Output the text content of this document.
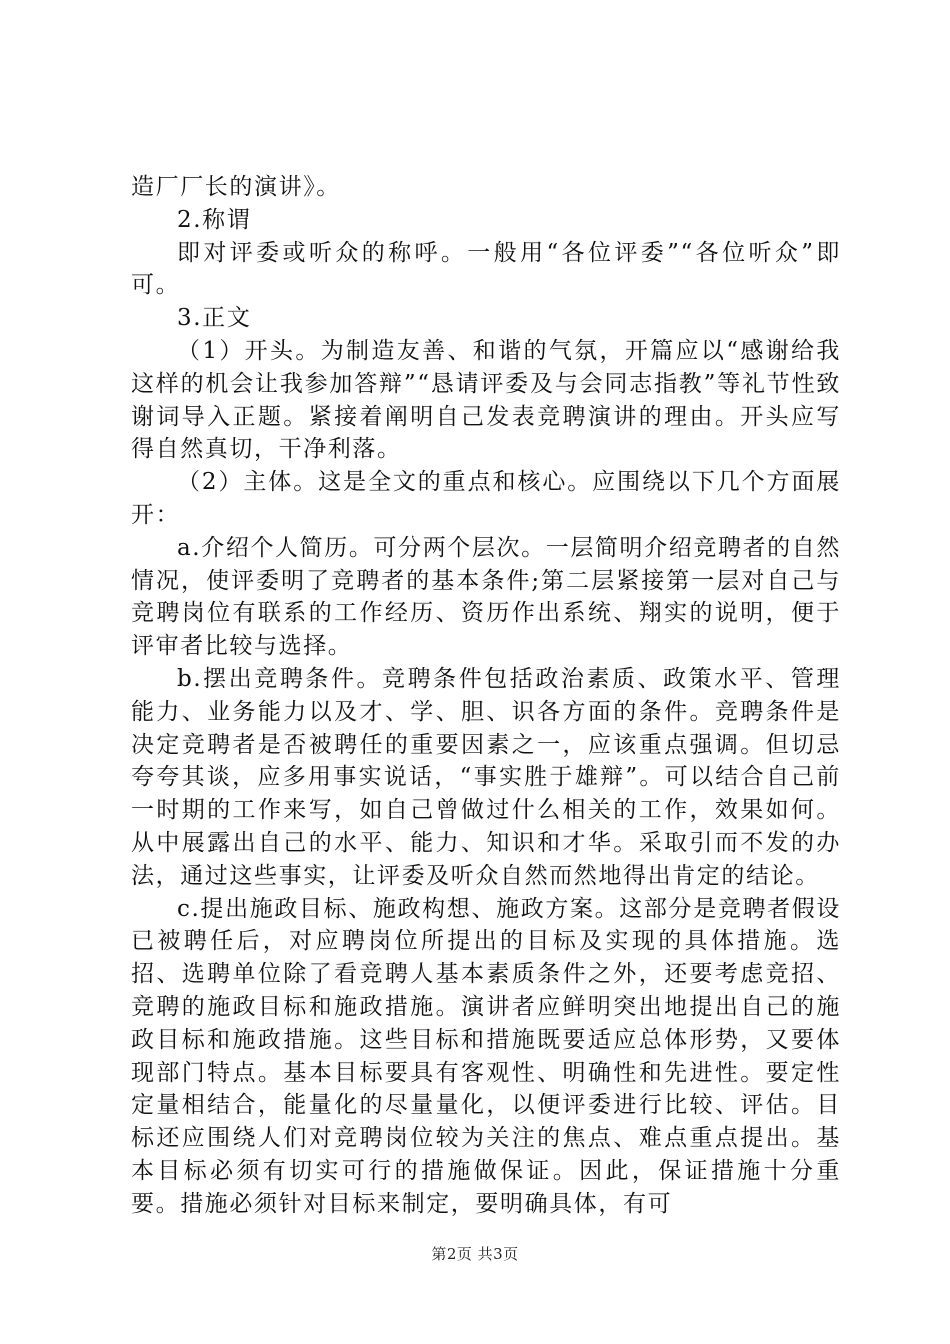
造厂厂长的演讲》。

2.称谓

即对评委或听众的称呼。一般用“各位评委”“各位听众”即可。

3.正文

（1）开头。为制造友善、和谐的气氛，开篇应以“感谢给我这样的机会让我参加答辩”“恳请评委及与会同志指教”等礼节性致谢词导入正题。紧接着阐明自己发表竞聘演讲的理由。开头应写得自然真切，干净利落。

（2）主体。这是全文的重点和核心。应围绕以下几个方面展开：

a.介绍个人简历。可分两个层次。一层简明介绍竞聘者的自然情况，使评委明了竞聘者的基本条件;第二层紧接第一层对自己与竞聘岗位有联系的工作经历、资历作出系统、翔实的说明，便于评审者比较与选择。

b.摆出竞聘条件。竞聘条件包括政治素质、政策水平、管理能力、业务能力以及才、学、胆、识各方面的条件。竞聘条件是决定竞聘者是否被聘任的重要因素之一，应该重点强调。但切忌夸夸其谈，应多用事实说话，“事实胜于雄辩”。可以结合自己前一时期的工作来写，如自己曾做过什么相关的工作，效果如何。从中展露出自己的水平、能力、知识和才华。采取引而不发的办法，通过这些事实，让评委及听众自然而然地得出肯定的结论。

c.提出施政目标、施政构想、施政方案。这部分是竞聘者假设已被聘任后，对应聘岗位所提出的目标及实现的具体措施。选招、选聘单位除了看竞聘人基本素质条件之外，还要考虑竞招、竞聘的施政目标和施政措施。演讲者应鲜明突出地提出自己的施政目标和施政措施。这些目标和措施既要适应总体形势，又要体现部门特点。基本目标要具有客观性、明确性和先进性。要定性定量相结合，能量化的尽量量化，以便评委进行比较、评估。目标还应围绕人们对竞聘岗位较为关注的焦点、难点重点提出。基本目标必须有切实可行的措施做保证。因此，保证措施十分重要。措施必须针对目标来制定，要明确具体，有可

第2页 共3页
